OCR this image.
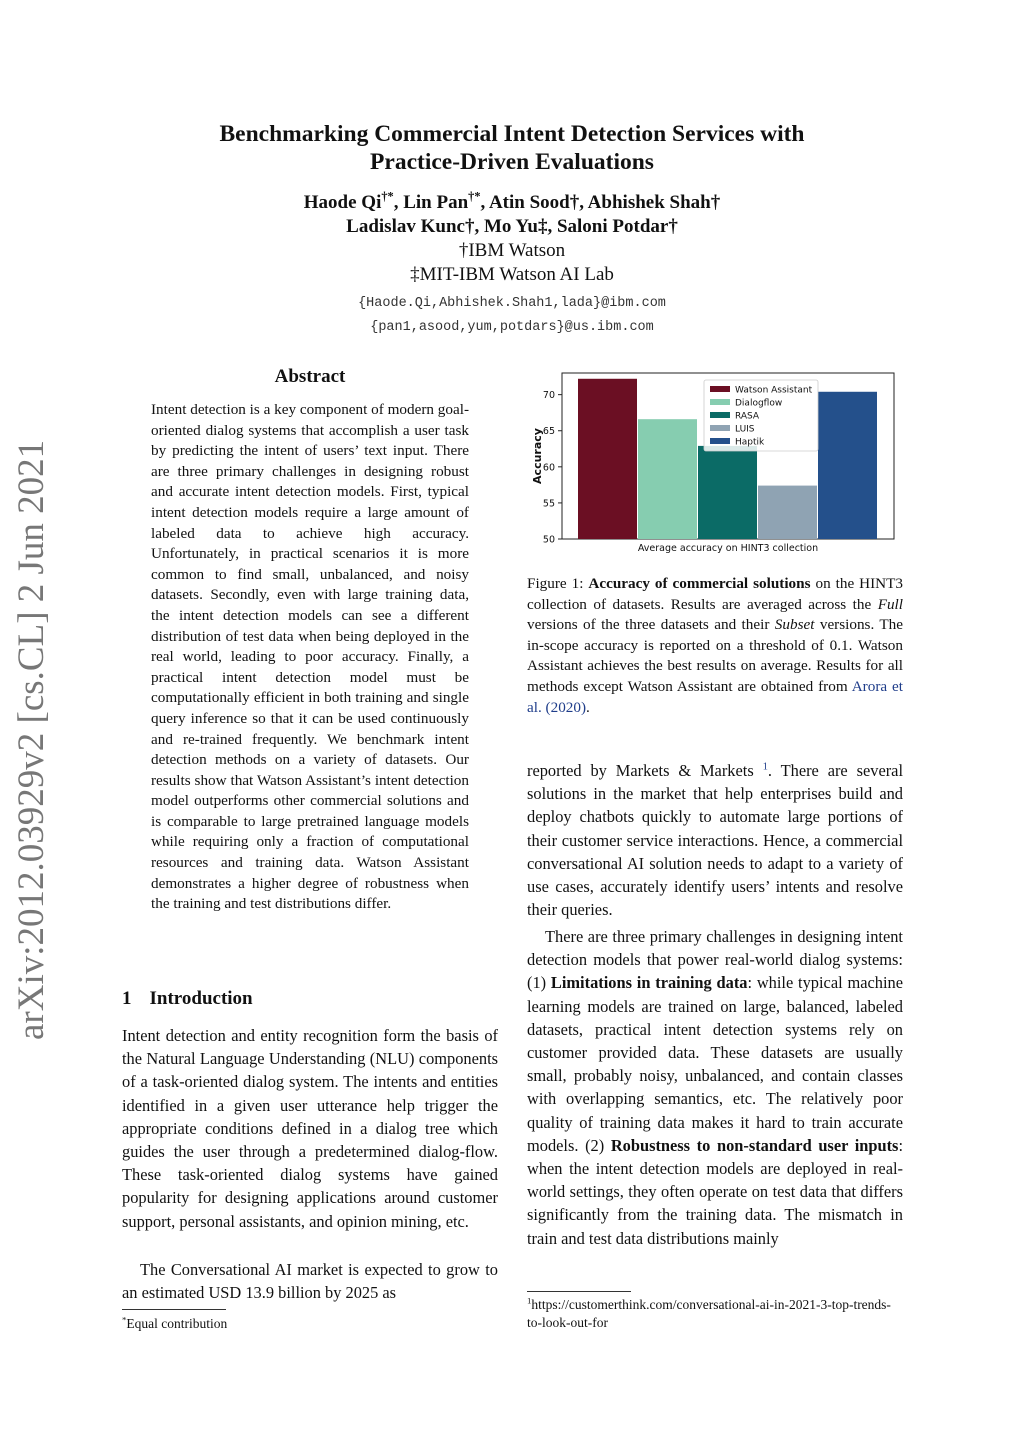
arXiv:2012.03929v2 [cs.CL] 2 Jun 2021
Benchmarking Commercial Intent Detection Services with
Practice-Driven Evaluations
Haode Qi†*, Lin Pan†*, Atin Sood†, Abhishek Shah†
Ladislav Kunc†, Mo Yu‡, Saloni Potdar†
†IBM Watson
‡MIT-IBM Watson AI Lab
{Haode.Qi,Abhishek.Shah1,lada}@ibm.com
{pan1,asood,yum,potdars}@us.ibm.com
Abstract

Intent detection is a key component of modern goal-oriented dialog systems that accomplish a user task by predicting the intent of users’ text input. There are three primary challenges in designing robust and accurate intent detection models. First, typical intent detection models require a large amount of labeled data to achieve high accuracy. Unfortunately, in practical scenarios it is more common to find small, unbalanced, and noisy datasets. Secondly, even with large training data, the intent detection models can see a different distribution of test data when being deployed in the real world, leading to poor accuracy. Finally, a practical intent detection model must be computationally efficient in both training and single query inference so that it can be used continuously and re-trained frequently. We benchmark intent detection methods on a variety of datasets. Our results show that Watson Assistant’s intent detection model outperforms other commercial solutions and is comparable to large pretrained language models while requiring only a fraction of computational resources and training data. Watson Assistant demonstrates a higher degree of robustness when the training and test distributions differ.

1 Introduction

Intent detection and entity recognition form the basis of the Natural Language Understanding (NLU) components of a task-oriented dialog system. The intents and entities identified in a given user utterance help trigger the appropriate conditions defined in a dialog tree which guides the user through a predetermined dialog-flow. These task-oriented dialog systems have gained popularity for designing applications around customer support, personal assistants, and opinion mining, etc.

The Conversational AI market is expected to grow to an estimated USD 13.9 billion by 2025 as

*Equal contribution
50
55
60
65
70	Watson Assistant
Dialogflow
RASA
LUIS
Haptik
Accuracy
Average accuracy on HINT3 collection

Figure 1: Accuracy of commercial solutions on the HINT3 collection of datasets. Results are averaged across the Full versions of the three datasets and their Subset versions. The in-scope accuracy is reported on a threshold of 0.1. Watson Assistant achieves the best results on average. Results for all methods except Watson Assistant are obtained from Arora et al. (2020).

reported by Markets & Markets $^1$. There are several solutions in the market that help enterprises build and deploy chatbots quickly to automate large portions of their customer service interactions. Hence, a commercial conversational AI solution needs to adapt to a variety of use cases, accurately identify users’ intents and resolve their queries.

There are three primary challenges in designing intent detection models that power real-world dialog systems: (1) Limitations in training data: while typical machine learning models are trained on large, balanced, labeled datasets, practical intent detection systems rely on customer provided data. These datasets are usually small, probably noisy, unbalanced, and contain classes with overlapping semantics, etc. The relatively poor quality of training data makes it hard to train accurate models. (2) Robustness to non-standard user inputs: when the intent detection models are deployed in real-world settings, they often operate on test data that differs significantly from the training data. The mismatch in train and test data distributions mainly

$^1$https://customerthink.com/conversational-ai-in-2021-3-top-trends-to-look-out-for
